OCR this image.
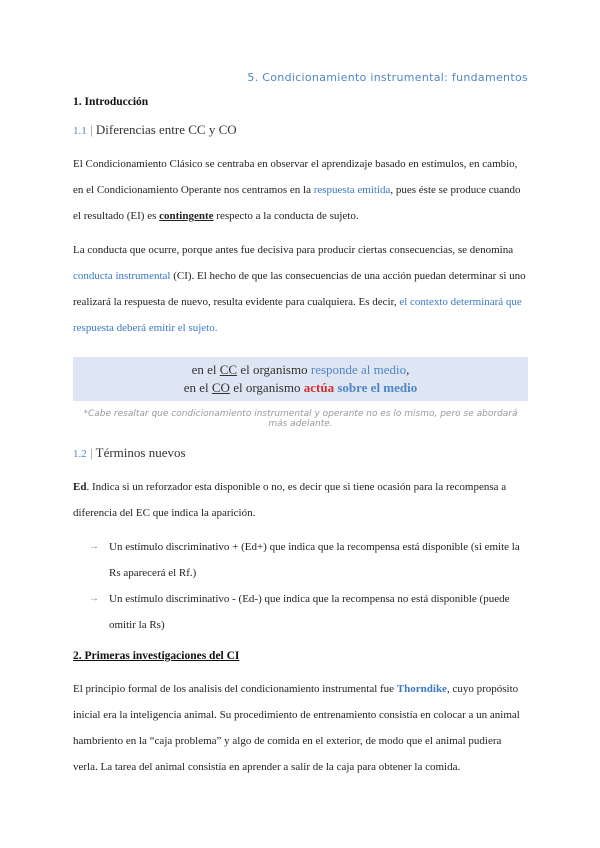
5. Condicionamiento instrumental: fundamentos
1. Introducción
1.1 | Diferencias entre CC y CO

El Condicionamiento Clásico se centraba en observar el aprendizaje basado en estímulos, en cambio, en el Condicionamiento Operante nos centramos en la respuesta emitida, pues éste se produce cuando el resultado (EI) es contingente respecto a la conducta de sujeto.

La conducta que ocurre, porque antes fue decisiva para producir ciertas consecuencias, se denomina conducta instrumental (CI). El hecho de que las consecuencias de una acción puedan determinar si uno realizará la respuesta de nuevo, resulta evidente para cualquiera. Es decir, el contexto determinará que respuesta deberá emitir el sujeto.

en el CC el organismo responde al medio,
en el CO el organismo actúa sobre el medio
*Cabe resaltar que condicionamiento instrumental y operante no es lo mismo, pero se abordará más adelante.
1.2 | Términos nuevos

Ed. Indica si un reforzador esta disponible o no, es decir que si tiene ocasión para la recompensa a diferencia del EC que indica la aparición.

→ Un estímulo discriminativo + (Ed+) que indica que la recompensa está disponible (si emite la Rs aparecerá el Rf.)
→ Un estímulo discriminativo - (Ed-) que indica que la recompensa no está disponible (puede omitir la Rs)
2. Primeras investigaciones del CI

El principio formal de los analisis del condicionamiento instrumental fue Thorndike, cuyo propósito inicial era la inteligencia animal. Su procedimiento de entrenamiento consistía en colocar a un animal hambriento en la “caja problema” y algo de comida en el exterior, de modo que el animal pudiera verla. La tarea del animal consistía en aprender a salir de la caja para obtener la comida.
